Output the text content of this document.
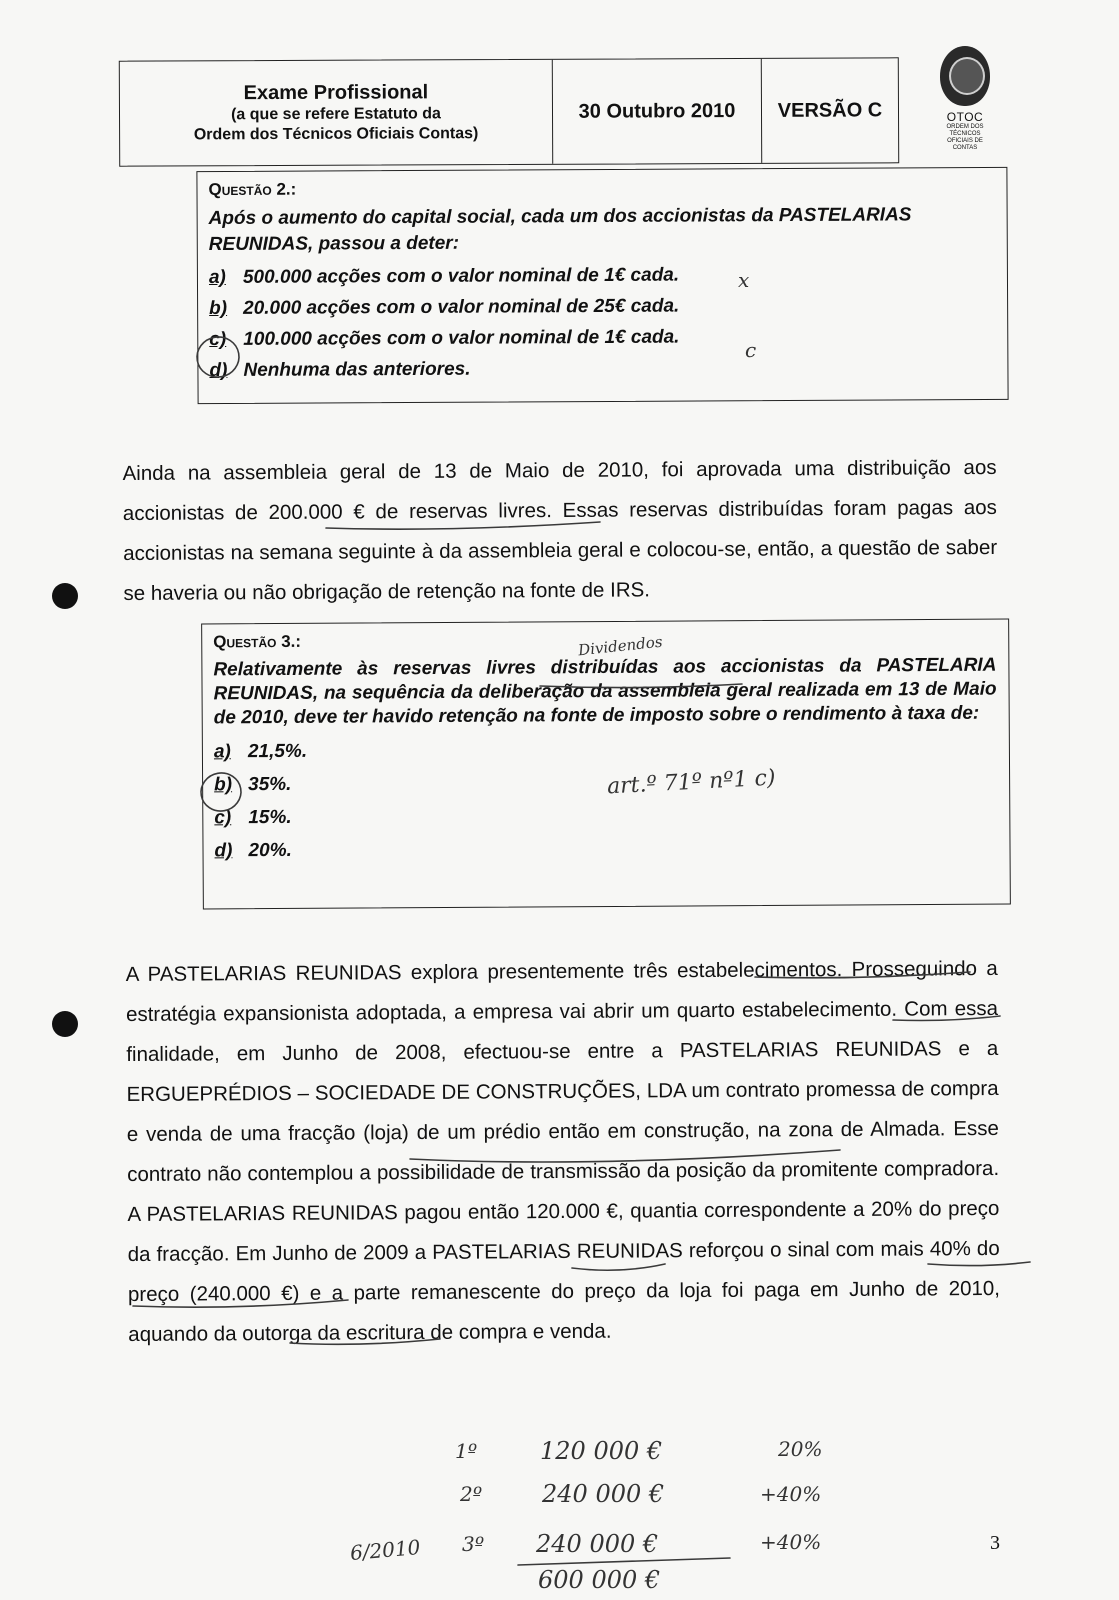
Exame Profissional
(a que se refere Estatuto da
Ordem dos Técnicos Oficiais Contas)
30 Outubro 2010 VERSÃO C	OTOC
ORDEM DOS TÉCNICOS
OFICIAIS DE CONTAS
Questão 2.:
Após o aumento do capital social, cada um dos accionistas da PASTELARIAS REUNIDAS, passou a deter:
a) 500.000 acções com o valor nominal de 1€ cada.
b) 20.000 acções com o valor nominal de 25€ cada.
c) 100.000 acções com o valor nominal de 1€ cada.
d) Nenhuma das anteriores.
Ainda na assembleia geral de 13 de Maio de 2010, foi aprovada uma distribuição aos accionistas de 200.000 € de reservas livres. Essas reservas distribuídas foram pagas aos accionistas na semana seguinte à da assembleia geral e colocou-se, então, a questão de saber se haveria ou não obrigação de retenção na fonte de IRS.
Questão 3.:
Relativamente às reservas livres distribuídas aos accionistas da PASTELARIA REUNIDAS, na sequência da deliberação da assembleia geral realizada em 13 de Maio de 2010, deve ter havido retenção na fonte de imposto sobre o rendimento à taxa de:
a) 21,5%.
b) 35%.
c) 15%.
d) 20%.
A PASTELARIAS REUNIDAS explora presentemente três estabelecimentos. Prosseguindo a estratégia expansionista adoptada, a empresa vai abrir um quarto estabelecimento. Com essa finalidade, em Junho de 2008, efectuou-se entre a PASTELARIAS REUNIDAS e a ERGUEPRÉDIOS – SOCIEDADE DE CONSTRUÇÕES, LDA um contrato promessa de compra e venda de uma fracção (loja) de um prédio então em construção, na zona de Almada. Esse contrato não contemplou a possibilidade de transmissão da posição da promitente compradora. A PASTELARIAS REUNIDAS pagou então 120.000 €, quantia correspondente a 20% do preço da fracção. Em Junho de 2009 a PASTELARIAS REUNIDAS reforçou o sinal com mais 40% do preço (240.000 €) e a parte remanescente do preço da loja foi paga em Junho de 2010, aquando da outorga da escritura de compra e venda.
x
c
Dividendos
art.º 71º nº1 c)
1º	120 000 €	20%
2º 240 000 €	+40%
6/2010 3º 240 000 €	+40%
600 000 €
3
